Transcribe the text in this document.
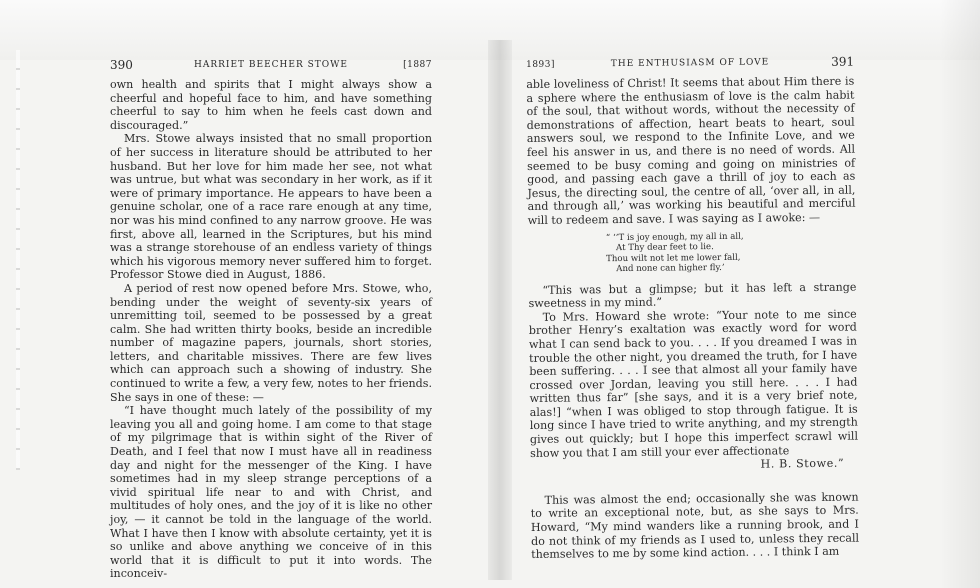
390	HARRIET BEECHER STOWE	[1887

own health and spirits that I might always show a cheerful and hopeful face to him, and have something cheerful to say to him when he feels cast down and discouraged.”

Mrs. Stowe always insisted that no small proportion of her success in literature should be attributed to her husband. But her love for him made her see, not what was untrue, but what was secondary in her work, as if it were of primary importance. He appears to have been a genuine scholar, one of a race rare enough at any time, nor was his mind confined to any narrow groove. He was first, above all, learned in the Scriptures, but his mind was a strange storehouse of an endless variety of things which his vigorous memory never suffered him to forget. Professor Stowe died in August, 1886.

A period of rest now opened before Mrs. Stowe, who, bending under the weight of seventy-six years of unremitting toil, seemed to be possessed by a great calm. She had written thirty books, beside an incredible number of magazine papers, journals, short stories, letters, and charitable missives. There are few lives which can approach such a showing of industry. She continued to write a few, a very few, notes to her friends. She says in one of these: —

“I have thought much lately of the possibility of my leaving you all and going home. I am come to that stage of my pilgrimage that is within sight of the River of Death, and I feel that now I must have all in readiness day and night for the messenger of the King. I have sometimes had in my sleep strange perceptions of a vivid spiritual life near to and with Christ, and multitudes of holy ones, and the joy of it is like no other joy, — it cannot be told in the language of the world. What I have then I know with absolute certainty, yet it is so unlike and above anything we conceive of in this world that it is difficult to put it into words. The inconceiv-

1893]	THE ENTHUSIASM OF LOVE	391

able loveliness of Christ! It seems that about Him there is a sphere where the enthusiasm of love is the calm habit of the soul, that without words, without the necessity of demonstrations of affection, heart beats to heart, soul answers soul, we respond to the Infinite Love, and we feel his answer in us, and there is no need of words. All seemed to be busy coming and going on ministries of good, and passing each gave a thrill of joy to each as Jesus, the directing soul, the centre of all, ‘over all, in all, and through all,’ was working his beautiful and merciful will to redeem and save. I was saying as I awoke: —

“ ‘’T is joy enough, my all in all,
At Thy dear feet to lie.
Thou wilt not let me lower fall,
And none can higher fly.’

“This was but a glimpse; but it has left a strange sweetness in my mind.”

To Mrs. Howard she wrote: “Your note to me since brother Henry’s exaltation was exactly word for word what I can send back to you. . . . If you dreamed I was in trouble the other night, you dreamed the truth, for I have been suffering. . . . I see that almost all your family have crossed over Jordan, leaving you still here. . . . I had written thus far” [she says, and it is a very brief note, alas!] “when I was obliged to stop through fatigue. It is long since I have tried to write anything, and my strength gives out quickly; but I hope this imperfect scrawl will show you that I am still your ever affectionate

H. B. Stowe.”

This was almost the end; occasionally she was known to write an exceptional note, but, as she says to Mrs. Howard, “My mind wanders like a running brook, and I do not think of my friends as I used to, unless they recall themselves to me by some kind action. . . . I think I am
